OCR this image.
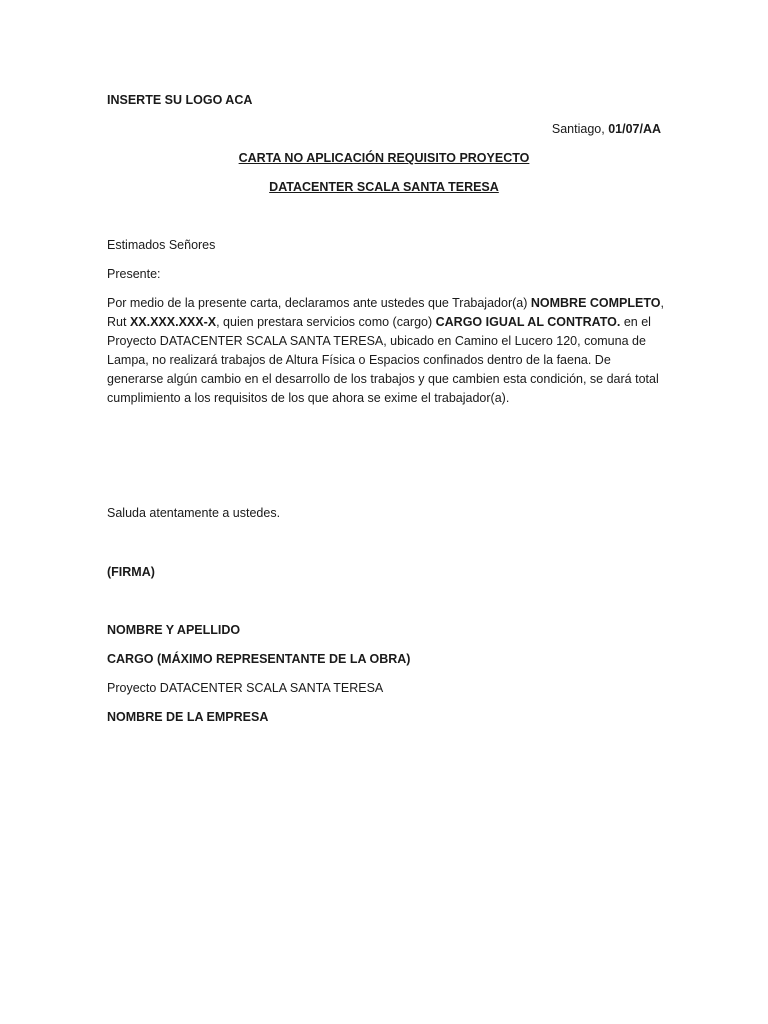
INSERTE SU LOGO ACA

Santiago, 01/07/AA

CARTA NO APLICACIÓN REQUISITO PROYECTO

DATACENTER SCALA SANTA TERESA

Estimados Señores

Presente:

Por medio de la presente carta, declaramos ante ustedes que Trabajador(a) NOMBRE COMPLETO, Rut XX.XXX.XXX-X, quien prestara servicios como (cargo) CARGO IGUAL AL CONTRATO. en el Proyecto DATACENTER SCALA SANTA TERESA, ubicado en Camino el Lucero 120, comuna de Lampa, no realizará trabajos de Altura Física o Espacios confinados dentro de la faena. De generarse algún cambio en el desarrollo de los trabajos y que cambien esta condición, se dará total cumplimiento a los requisitos de los que ahora se exime el trabajador(a).

Saluda atentamente a ustedes.

(FIRMA)

NOMBRE Y APELLIDO

CARGO (MÁXIMO REPRESENTANTE DE LA OBRA)

Proyecto DATACENTER SCALA SANTA TERESA

NOMBRE DE LA EMPRESA
